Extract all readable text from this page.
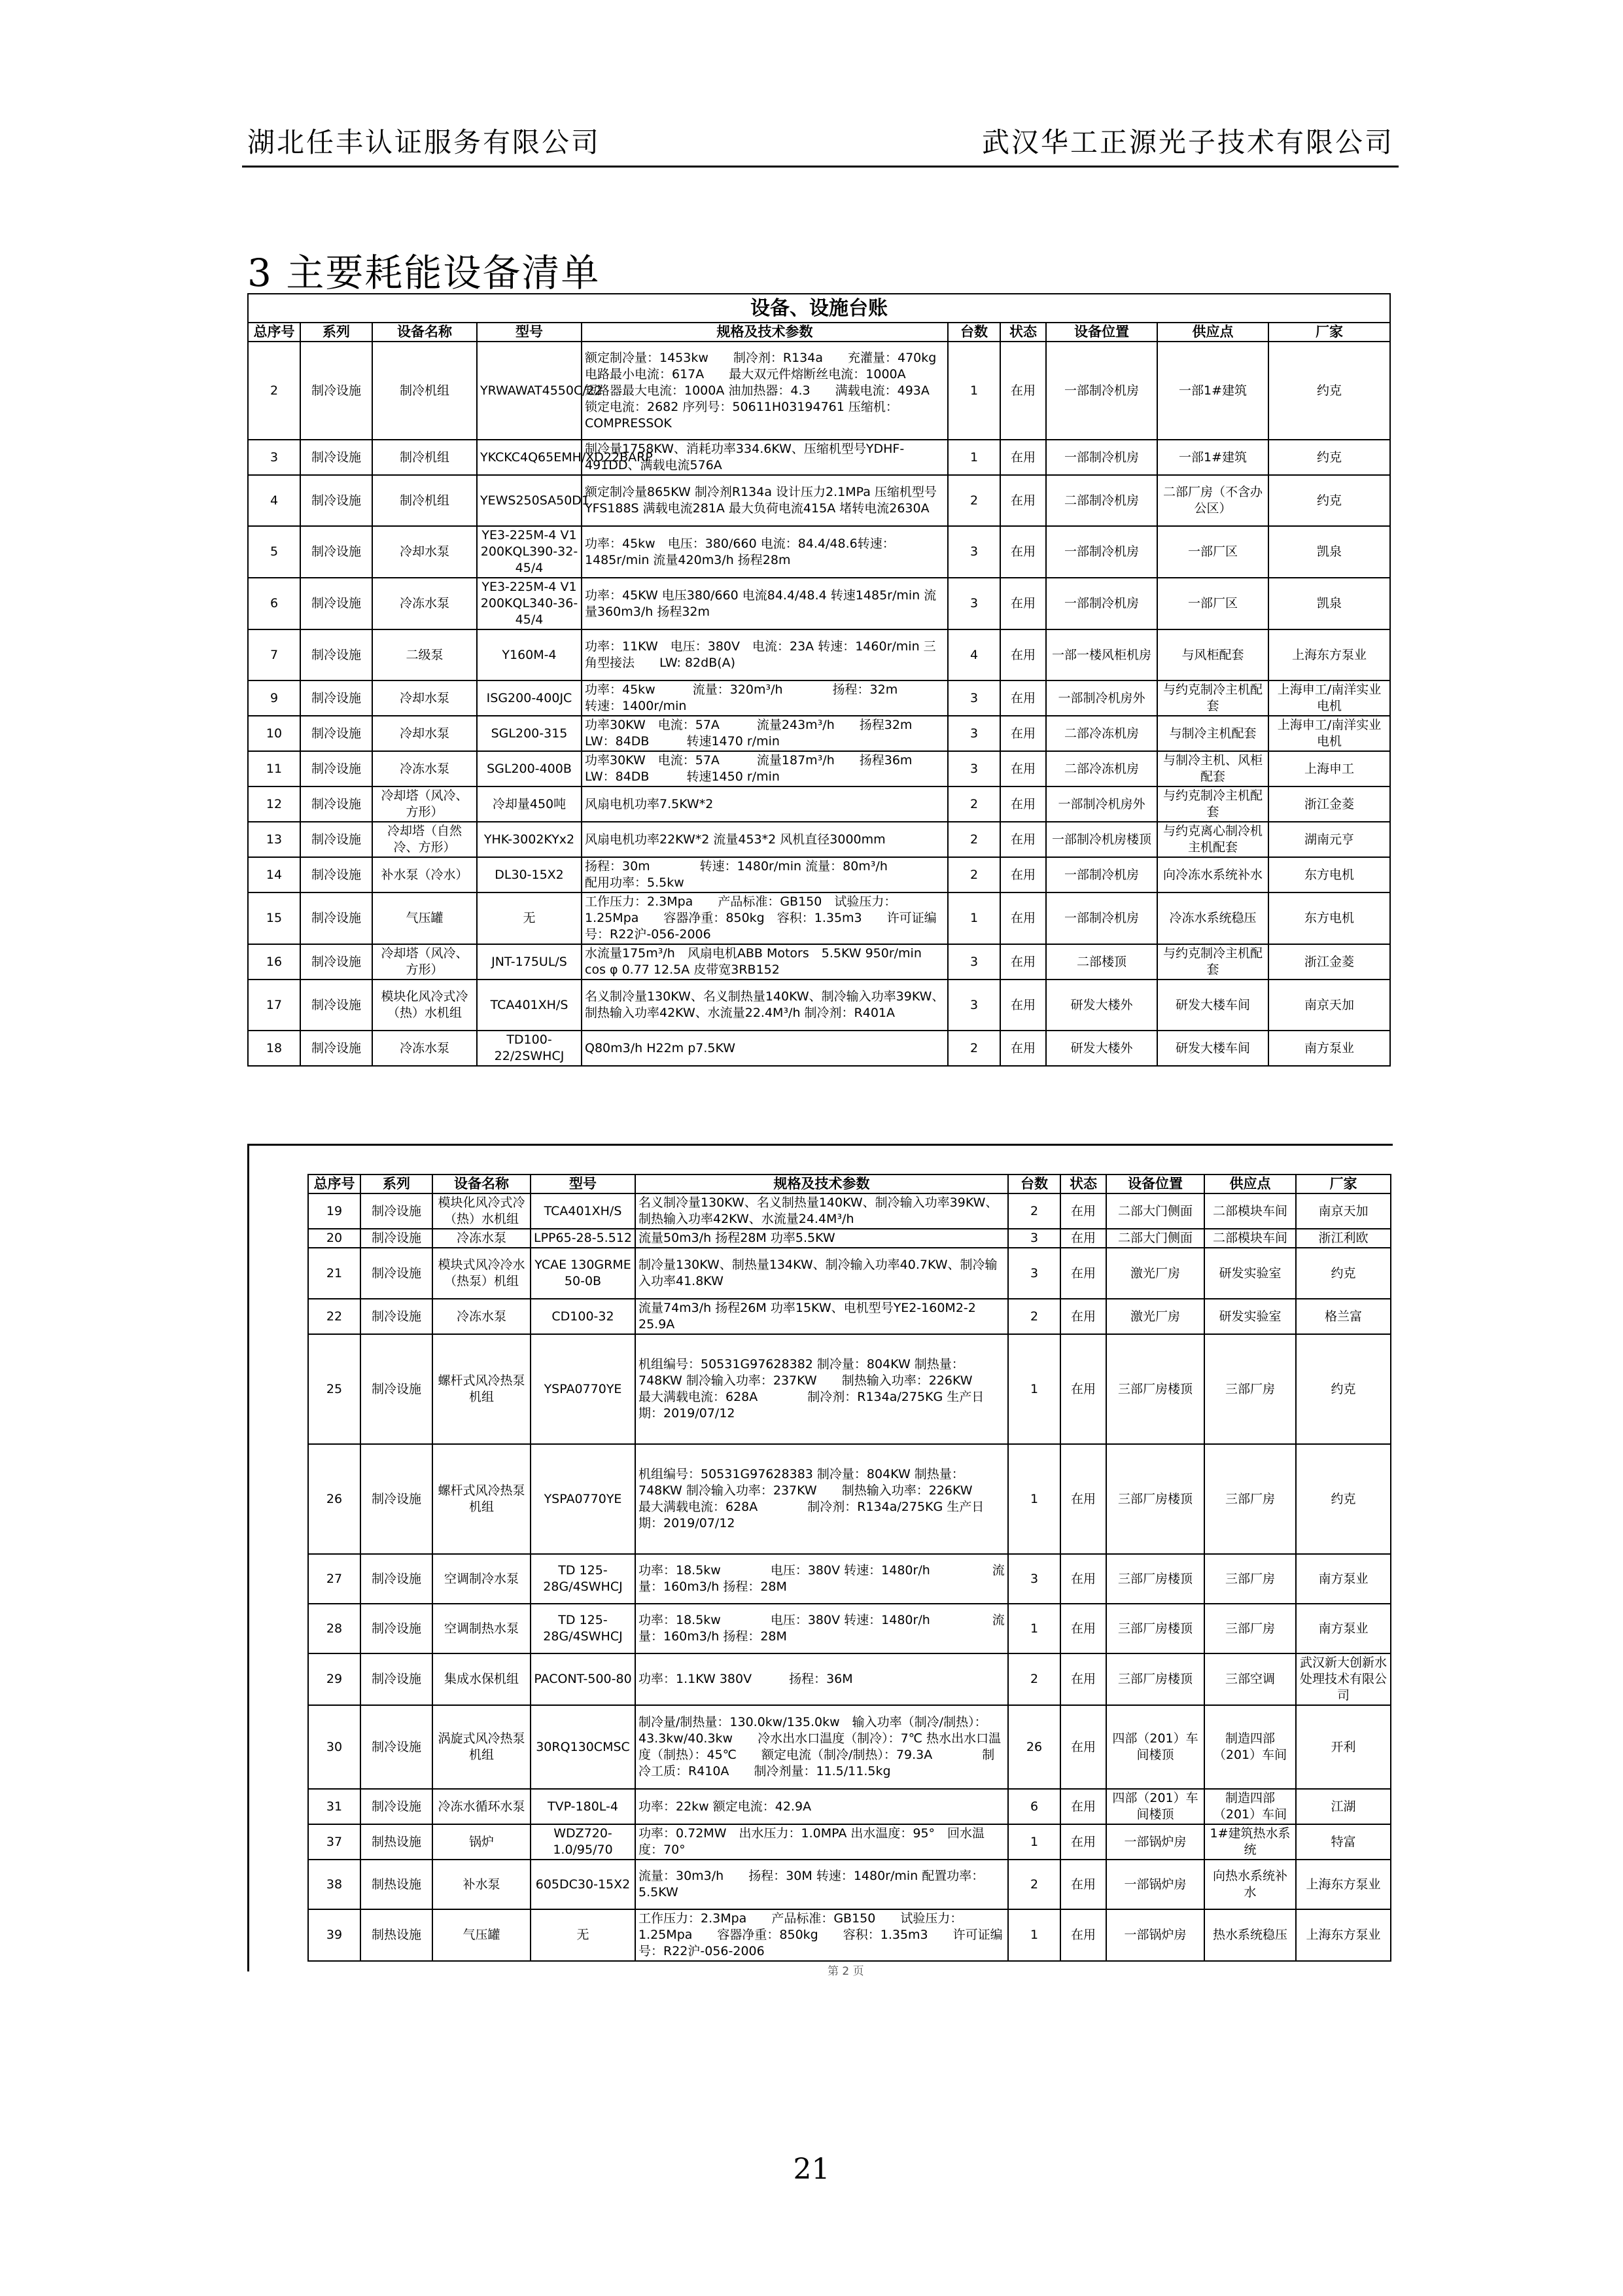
湖北任丰认证服务有限公司	武汉华工正源光子技术有限公司
3 主要耗能设备清单
设备、设施台账									
总序号	系列	设备名称	型号	规格及技术参数	台数	状态	设备位置	供应点	厂家
2	制冷设施	制冷机组	YRWAWAT4550C/22	额定制冷量：1453kw　　制冷剂：R134a　　充灌量：470kg　　电路最小电流：617A　　最大双元件熔断丝电流：1000A　　　　　　短路器最大电流：1000A 油加热器：4.3　　满载电流：493A　锁定电流：2682 序列号：50611H03194761 压缩机：COMPRESSOK	1	在用	一部制冷机房	一部1#建筑	约克
3	制冷设施	制冷机组	YKCKC4Q65EMH/XD22BARP	制冷量1758KW、消耗功率334.6KW、压缩机型号YDHF-491DD、满载电流576A	1	在用	一部制冷机房	一部1#建筑	约克
4	制冷设施	制冷机组	YEWS250SA50D1	额定制冷量865KW 制冷剂R134a 设计压力2.1MPa 压缩机型号YFS188S 满载电流281A 最大负荷电流415A 堵转电流2630A	2	在用	二部制冷机房	二部厂房（不含办公区）	约克
5	制冷设施	冷却水泵	YE3-225M-4 V1 200KQL390-32-45/4	功率：45kw　电压：380/660 电流：84.4/48.6转速：1485r/min 流量420m3/h 扬程28m	3	在用	一部制冷机房	一部厂区	凯泉
6	制冷设施	冷冻水泵	YE3-225M-4 V1 200KQL340-36-45/4	功率：45KW 电压380/660 电流84.4/48.4 转速1485r/min 流量360m3/h 扬程32m	3	在用	一部制冷机房	一部厂区	凯泉
7	制冷设施	二级泵	Y160M-4	功率：11KW　电压：380V　电流：23A 转速：1460r/min 三角型接法　　LW: 82dB(A)	4	在用	一部一楼风柜机房	与风柜配套	上海东方泵业
9	制冷设施	冷却水泵	ISG200-400JC	功率：45kw　　　流量：320m³/h　　　　扬程：32m　　　　转速：1400r/min	3	在用	一部制冷机房外	与约克制冷主机配套	上海申工/南洋实业电机
10	制冷设施	冷却水泵	SGL200-315	功率30KW　电流：57A　　　流量243m³/h　　扬程32m　LW：84DB　　　转速1470 r/min	3	在用	二部冷冻机房	与制冷主机配套	上海申工/南洋实业电机
11	制冷设施	冷冻水泵	SGL200-400B	功率30KW　电流：57A　　　流量187m³/h　　扬程36m　LW：84DB　　　转速1450 r/min	3	在用	二部冷冻机房	与制冷主机、风柜配套	上海申工
12	制冷设施	冷却塔（风冷、方形）	冷却量450吨	风扇电机功率7.5KW*2	2	在用	一部制冷机房外	与约克制冷主机配套	浙江金菱
13	制冷设施	冷却塔（自然冷、方形）	YHK-3002KYx2	风扇电机功率22KW*2 流量453*2 风机直径3000mm	2	在用	一部制冷机房楼顶	与约克离心制冷机主机配套	湖南元亨
14	制冷设施	补水泵（冷水）	DL30-15X2	扬程：30m　　　　转速：1480r/min 流量：80m³/h　　　　配用功率：5.5kw	2	在用	一部制冷机房	向冷冻水系统补水	东方电机
15	制冷设施	气压罐	无	工作压力：2.3Mpa　　产品标准：GB150　试验压力：1.25Mpa　　容器净重：850kg　容积：1.35m3　　许可证编号：R22沪-056-2006	1	在用	一部制冷机房	冷冻水系统稳压	东方电机
16	制冷设施	冷却塔（风冷、方形）	JNT-175UL/S	水流量175m³/h　风扇电机ABB Motors　5.5KW 950r/min cos φ 0.77 12.5A 皮带宽3RB152	3	在用	二部楼顶	与约克制冷主机配套	浙江金菱
17	制冷设施	模块化风冷式冷（热）水机组	TCA401XH/S	名义制冷量130KW、名义制热量140KW、制冷输入功率39KW、制热输入功率42KW、水流量22.4M³/h 制冷剂：R401A	3	在用	研发大楼外	研发大楼车间	南京天加
18	制冷设施	冷冻水泵	TD100-22/2SWHCJ	Q80m3/h H22m p7.5KW	2	在用	研发大楼外	研发大楼车间	南方泵业
总序号	系列	设备名称	型号	规格及技术参数	台数	状态	设备位置	供应点	厂家
19	制冷设施	模块化风冷式冷（热）水机组	TCA401XH/S	名义制冷量130KW、名义制热量140KW、制冷输入功率39KW、制热输入功率42KW、水流量24.4M³/h	2	在用	二部大门侧面	二部模块车间	南京天加
20	制冷设施	冷冻水泵	LPP65-28-5.512	流量50m3/h 扬程28M 功率5.5KW	3	在用	二部大门侧面	二部模块车间	浙江利欧
21	制冷设施	模块式风冷冷水（热泵）机组	YCAE 130GRME 50-0B	制冷量130KW、制热量134KW、制冷输入功率40.7KW、制冷输入功率41.8KW	3	在用	激光厂房	研发实验室	约克
22	制冷设施	冷冻水泵	CD100-32	流量74m3/h 扬程26M 功率15KW、电机型号YE2-160M2-2 25.9A	2	在用	激光厂房	研发实验室	格兰富
25	制冷设施	螺杆式风冷热泵机组	YSPA0770YE	机组编号：50531G97628382 制冷量：804KW 制热量：748KW 制冷输入功率：237KW　　制热输入功率：226KW　　最大满载电流：628A　　　　制冷剂：R134a/275KG 生产日期：2019/07/12	1	在用	三部厂房楼顶	三部厂房	约克
26	制冷设施	螺杆式风冷热泵机组	YSPA0770YE	机组编号：50531G97628383 制冷量：804KW 制热量：748KW 制冷输入功率：237KW　　制热输入功率：226KW　　最大满载电流：628A　　　　制冷剂：R134a/275KG 生产日期：2019/07/12	1	在用	三部厂房楼顶	三部厂房	约克
27	制冷设施	空调制冷水泵	TD 125-28G/4SWHCJ	功率：18.5kw　　　　电压：380V 转速：1480r/h　　　　　流量：160m3/h 扬程：28M	3	在用	三部厂房楼顶	三部厂房	南方泵业
28	制冷设施	空调制热水泵	TD 125-28G/4SWHCJ	功率：18.5kw　　　　电压：380V 转速：1480r/h　　　　　流量：160m3/h 扬程：28M	1	在用	三部厂房楼顶	三部厂房	南方泵业
29	制冷设施	集成水保机组	PACONT-500-80	功率：1.1KW 380V　　　扬程：36M	2	在用	三部厂房楼顶	三部空调	武汉新大创新水处理技术有限公司
30	制冷设施	涡旋式风冷热泵机组	30RQ130CMSC	制冷量/制热量：130.0kw/135.0kw　输入功率（制冷/制热）：43.3kw/40.3kw　　冷水出水口温度（制冷）：7℃ 热水出水口温度（制热）：45℃　　额定电流（制冷/制热）：79.3A　　　　制冷工质：R410A　　制冷剂量：11.5/11.5kg	26	在用	四部（201）车间楼顶	制造四部（201）车间	开利
31	制冷设施	冷冻水循环水泵	TVP-180L-4	功率：22kw 额定电流：42.9A	6	在用	四部（201）车间楼顶	制造四部（201）车间	江湖
37	制热设施	锅炉	WDZ720-1.0/95/70	功率：0.72MW　出水压力：1.0MPA 出水温度：95°　回水温度：70°	1	在用	一部锅炉房	1#建筑热水系统	特富
38	制热设施	补水泵	605DC30-15X2	流量：30m3/h　　扬程：30M 转速：1480r/min 配置功率：5.5KW	2	在用	一部锅炉房	向热水系统补水	上海东方泵业
39	制热设施	气压罐	无	工作压力：2.3Mpa　　产品标准：GB150　　试验压力：1.25Mpa　　容器净重：850kg　　容积：1.35m3　　许可证编号：R22沪-056-2006	1	在用	一部锅炉房	热水系统稳压	上海东方泵业
第 2 页
21
